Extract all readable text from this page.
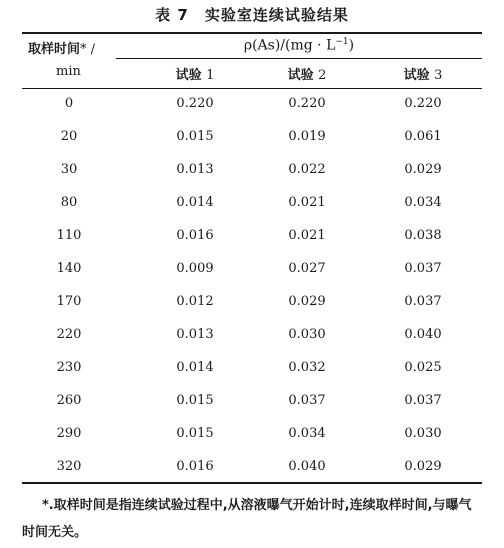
表 7　实验室连续试验结果
取样时间* /
min
$\rho(As)/(mg \cdot L^{-1})$
试验 1	试验 2	试验 3
0	0.220	0.220	0.220
20	0.015	0.019	0.061
30	0.013	0.022	0.029
80	0.014	0.021	0.034
110	0.016	0.021	0.038
140	0.009	0.027	0.037
170	0.012	0.029	0.037
220	0.013	0.030	0.040
230	0.014	0.032	0.025
260	0.015	0.037	0.037
290	0.015	0.034	0.030
320	0.016	0.040	0.029
*.取样时间是指连续试验过程中,从溶液曝气开始计时,连续取样时间,与曝气时间无关。
